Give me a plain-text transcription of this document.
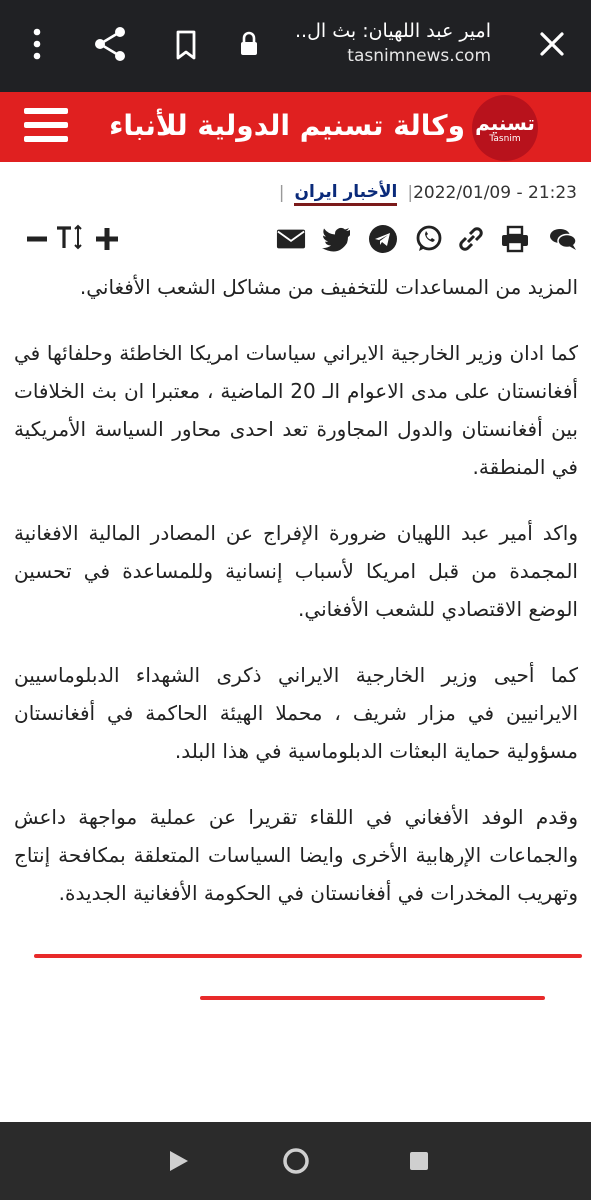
امير عبد اللهيان: بث ال..
tasnimnews.com
وكالة تسنيم الدولية للأنباء تسنيم
Tasnim
2022/01/09 - 21:23
|
الأخبار ايران
|

المزيد من المساعدات للتخفيف من مشاكل الشعب الأفغاني.

كما ادان وزير الخارجية الايراني سياسات امريكا الخاطئة وحلفائها في أفغانستان على مدى الاعوام الـ 20 الماضية ، معتبرا ان بث الخلافات بين أفغانستان والدول المجاورة تعد احدى محاور السياسة الأمريكية في المنطقة.

واكد أمير عبد اللهيان ضرورة الإفراج عن المصادر المالية الافغانية المجمدة من قبل امريكا لأسباب إنسانية وللمساعدة في تحسين الوضع الاقتصادي للشعب الأفغاني.

كما أحيى وزير الخارجية الايراني ذكرى الشهداء الدبلوماسيين الايرانيين في مزار شريف ، محملا الهيئة الحاكمة في أفغانستان مسؤولية حماية البعثات الدبلوماسية في هذا البلد.

وقدم الوفد الأفغاني في اللقاء تقريرا عن عملية مواجهة داعش والجماعات الإرهابية الأخرى وايضا السياسات المتعلقة بمكافحة إنتاج وتهريب المخدرات في أفغانستان في الحكومة الأفغانية الجديدة.
